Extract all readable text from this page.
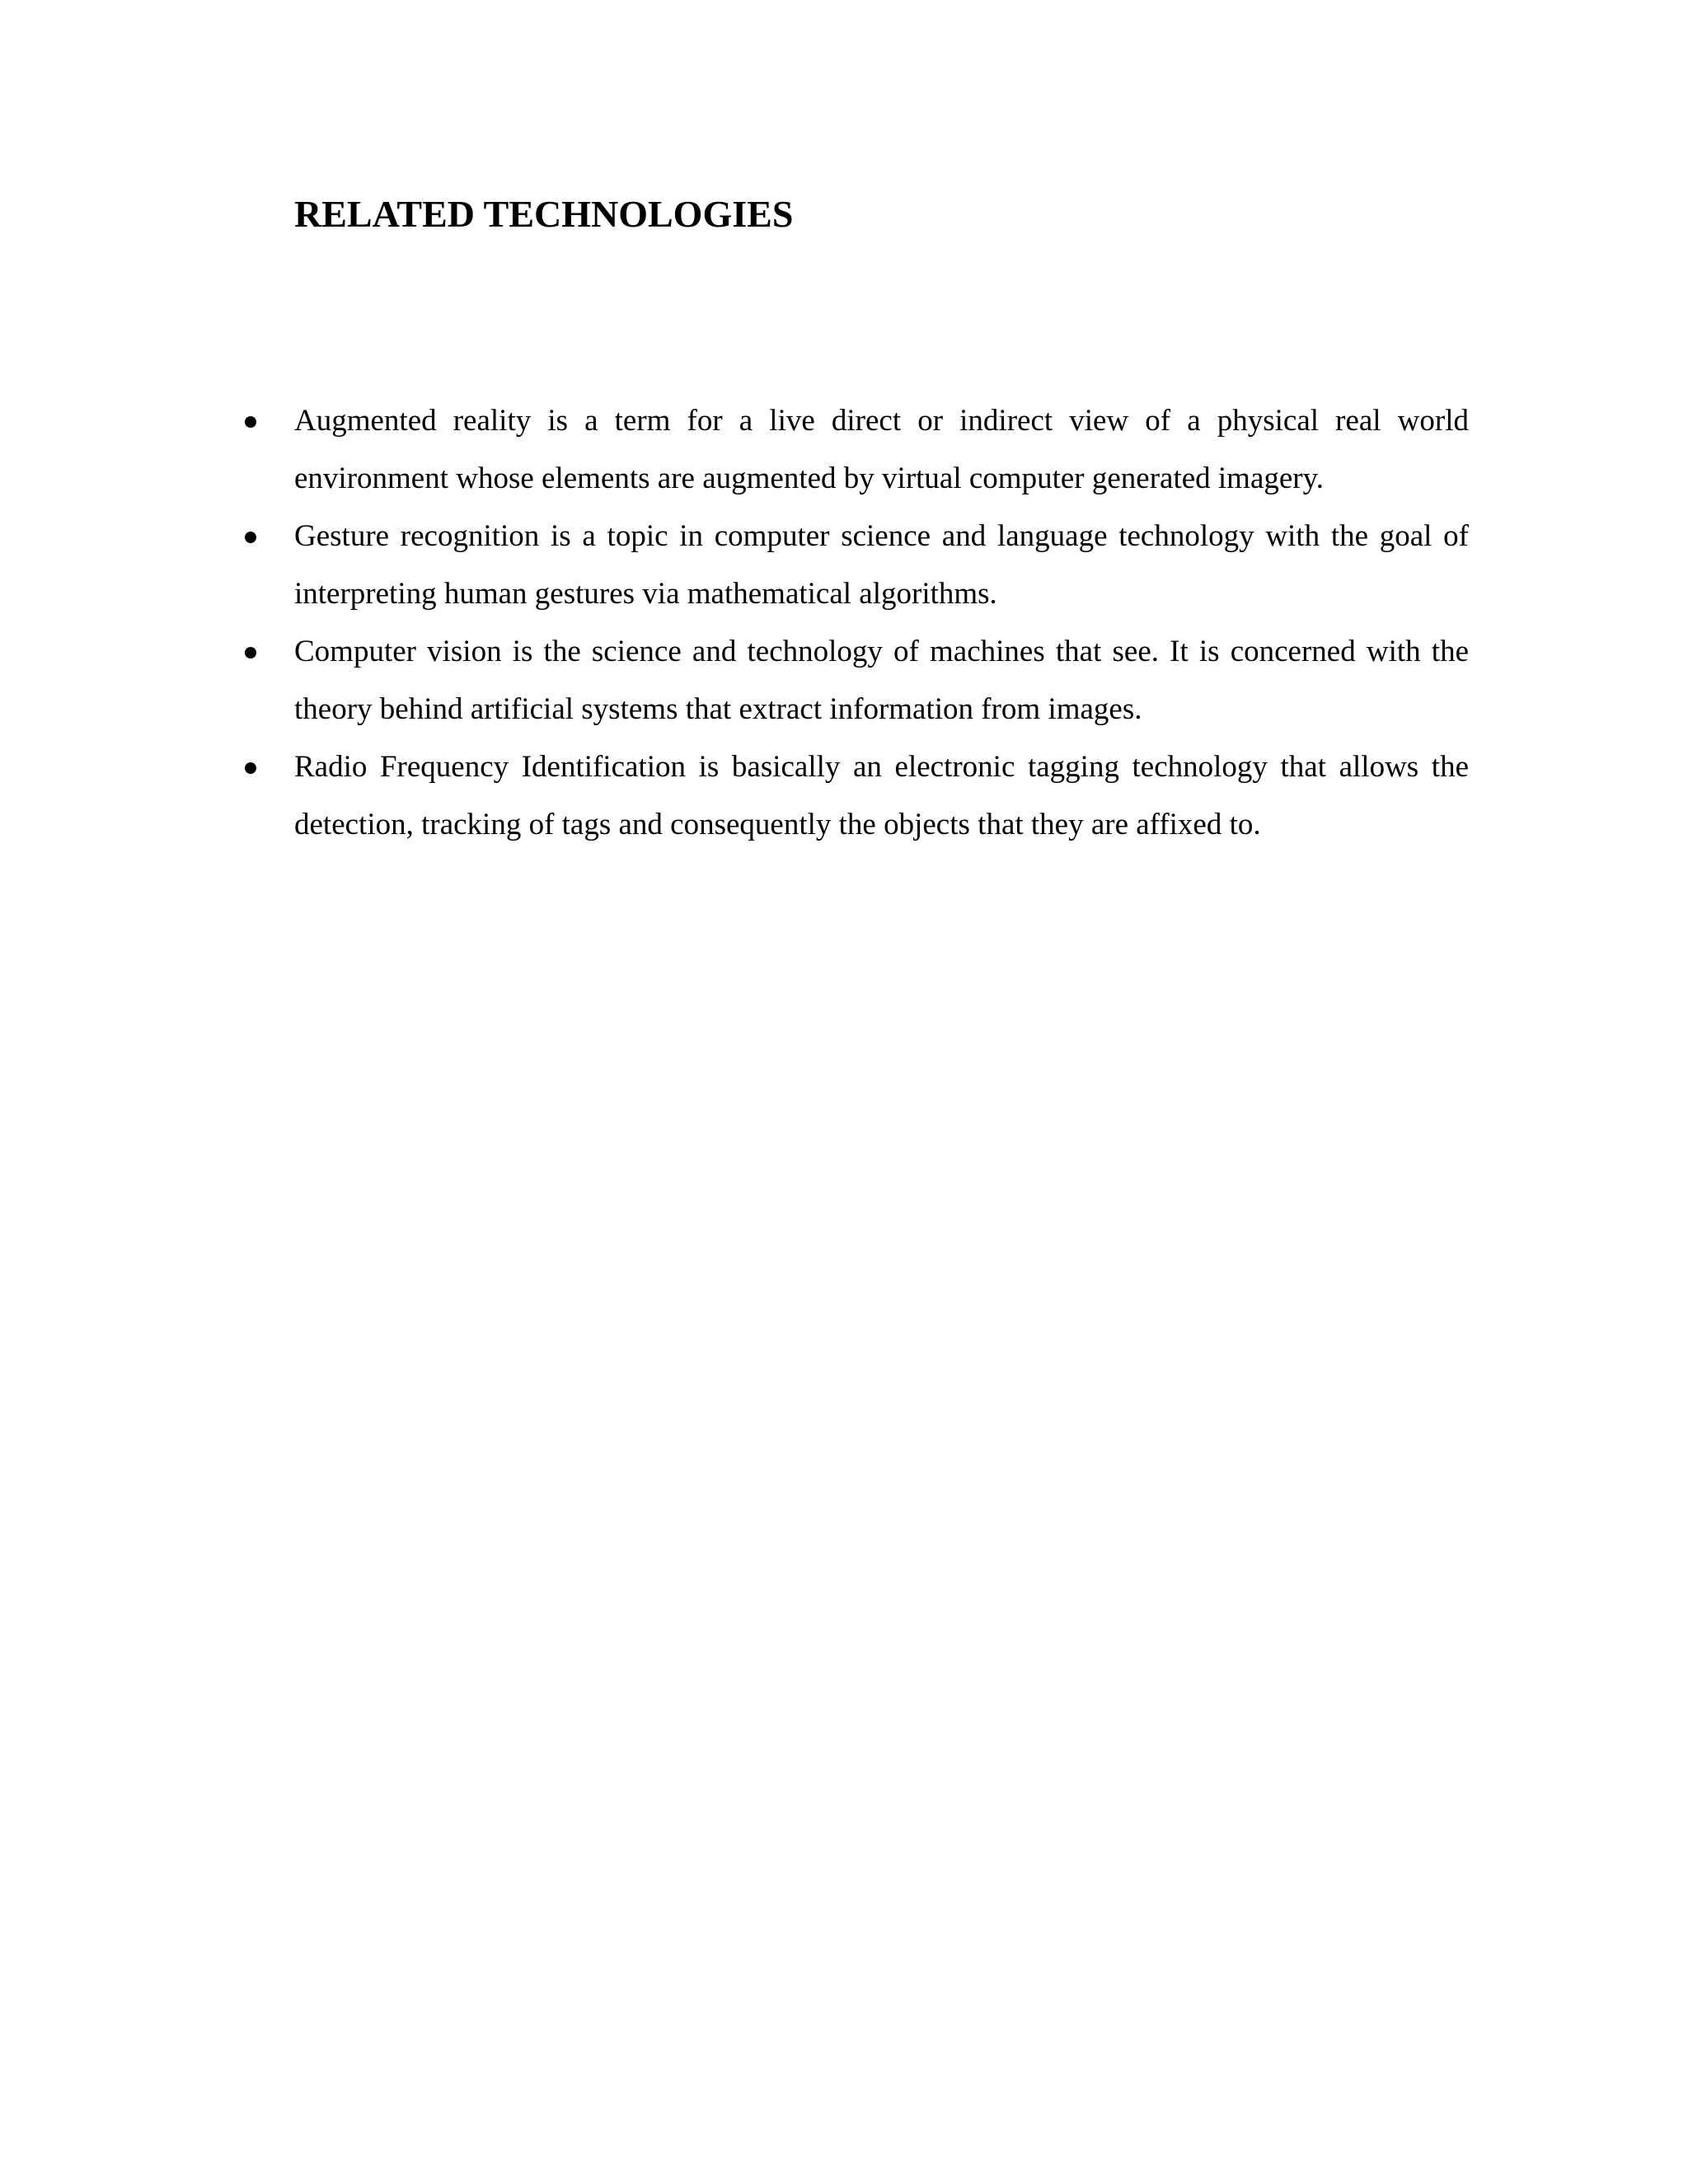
RELATED TECHNOLOGIES
Augmented reality is a term for a live direct or indirect view of a physical real world environment whose elements are augmented by virtual computer generated imagery.
Gesture recognition is a topic in computer science and language technology with the goal of interpreting human gestures via mathematical algorithms.
Computer vision is the science and technology of machines that see. It is concerned with the theory behind artificial systems that extract information from images.
Radio Frequency Identification is basically an electronic tagging technology that allows the detection, tracking of tags and consequently the objects that they are affixed to.
